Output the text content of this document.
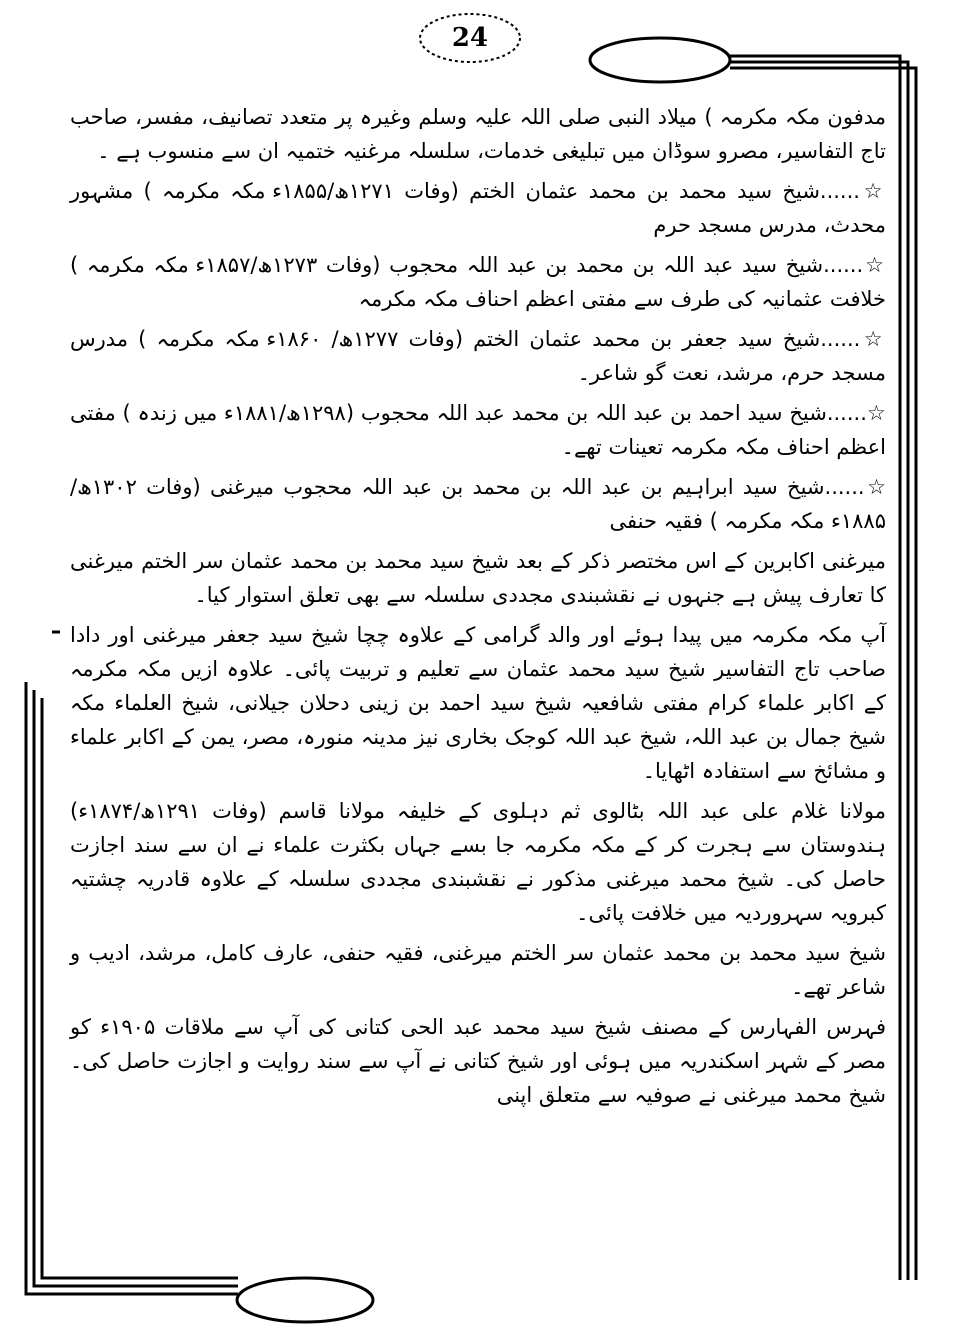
24

مدفون مکہ مکرمہ ) میلاد النبی صلی اللہ علیہ وسلم وغیرہ پر متعدد تصانیف، مفسر، صاحب تاج التفاسیر، مصرو سوڈان میں تبلیغی خدمات، سلسلہ مرغنیہ ختمیہ ان سے منسوب ہے ۔

☆......شیخ سید محمد بن محمد عثمان الختم (وفات ۱۲۷۱ھ/۱۸۵۵ء مکہ مکرمہ ) مشہور محدث، مدرس مسجد حرم

☆......شیخ سید عبد اللہ بن محمد بن عبد اللہ محجوب (وفات ۱۲۷۳ھ/۱۸۵۷ء مکہ مکرمہ ) خلافت عثمانیہ کی طرف سے مفتی اعظم احناف مکہ مکرمہ

☆......شیخ سید جعفر بن محمد عثمان الختم (وفات ۱۲۷۷ھ/ ۱۸۶۰ء مکہ مکرمہ ) مدرس مسجد حرم، مرشد، نعت گو شاعر۔

☆......شیخ سید احمد بن عبد اللہ بن محمد عبد اللہ محجوب (۱۲۹۸ھ/۱۸۸۱ء میں زندہ ) مفتی اعظم احناف مکہ مکرمہ تعینات تھے۔

☆......شیخ سید ابراہیم بن عبد اللہ بن محمد بن عبد اللہ محجوب میرغنی (وفات ۱۳۰۲ھ/۱۸۸۵ء مکہ مکرمہ ) فقیہ حنفی

میرغنی اکابرین کے اس مختصر ذکر کے بعد شیخ سید محمد بن محمد عثمان سر الختم میرغنی کا تعارف پیش ہے جنہوں نے نقشبندی مجددی سلسلہ سے بھی تعلق استوار کیا۔

آپ مکہ مکرمہ میں پیدا ہوئے اور والد گرامی کے علاوہ چچا شیخ سید جعفر میرغنی اور دادا صاحب تاج التفاسیر شیخ سید محمد عثمان سے تعلیم و تربیت پائی۔ علاوہ ازیں مکہ مکرمہ کے اکابر علماء کرام مفتی شافعیہ شیخ سید احمد بن زینی دحلان جیلانی، شیخ العلماء مکہ شیخ جمال بن عبد اللہ، شیخ عبد اللہ کوجک بخاری نیز مدینہ منورہ، مصر، یمن کے اکابر علماء و مشائخ سے استفادہ اٹھایا۔

مولانا غلام علی عبد اللہ بٹالوی ثم دہلوی کے خلیفہ مولانا قاسم (وفات ۱۲۹۱ھ/۱۸۷۴ء) ہندوستان سے ہجرت کر کے مکہ مکرمہ جا بسے جہاں بکثرت علماء نے ان سے سند اجازت حاصل کی۔ شیخ محمد میرغنی مذکور نے نقشبندی مجددی سلسلہ کے علاوہ قادریہ چشتیہ کبرویہ سہروردیہ میں خلافت پائی۔

شیخ سید محمد بن محمد عثمان سر الختم میرغنی، فقیہ حنفی، عارف کامل، مرشد، ادیب و شاعر تھے۔

فہرس الفہارس کے مصنف شیخ سید محمد عبد الحی کتانی کی آپ سے ملاقات ۱۹۰۵ء کو مصر کے شہر اسکندریہ میں ہوئی اور شیخ کتانی نے آپ سے سند روایت و اجازت حاصل کی۔ شیخ محمد میرغنی نے صوفیہ سے متعلق اپنی
